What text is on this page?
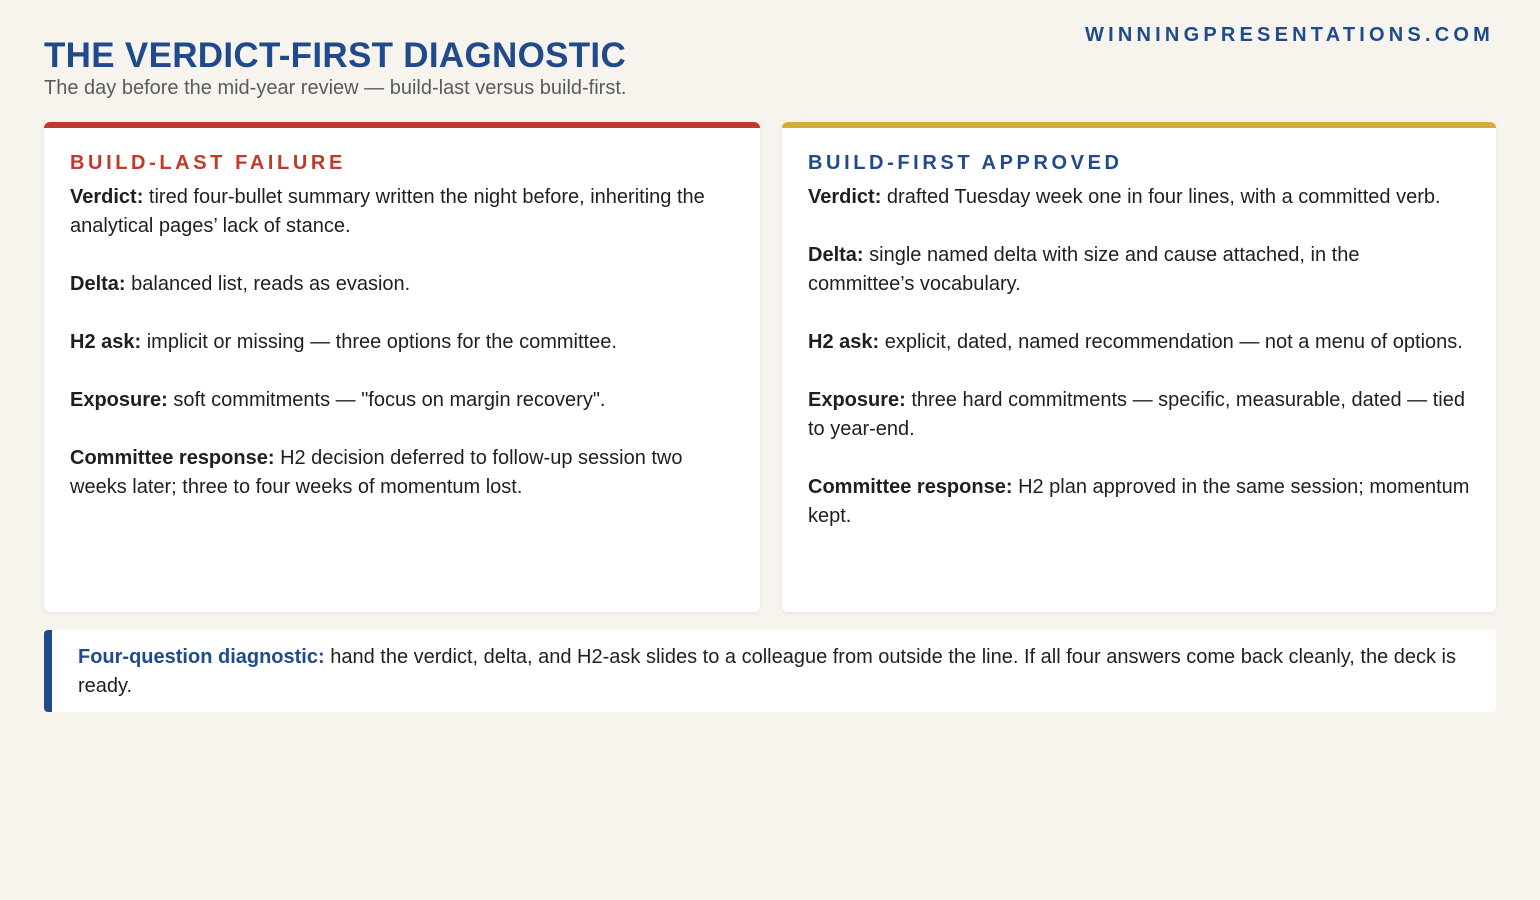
WINNINGPRESENTATIONS.COM
THE VERDICT-FIRST DIAGNOSTIC
The day before the mid-year review — build-last versus build-first.
BUILD-LAST FAILURE
Verdict: tired four-bullet summary written the night before, inheriting the analytical pages’ lack of stance.
Delta: balanced list, reads as evasion.
H2 ask: implicit or missing — three options for the committee.
Exposure: soft commitments — "focus on margin recovery".
Committee response: H2 decision deferred to follow-up session two weeks later; three to four weeks of momentum lost.
BUILD-FIRST APPROVED
Verdict: drafted Tuesday week one in four lines, with a committed verb.
Delta: single named delta with size and cause attached, in the committee’s vocabulary.
H2 ask: explicit, dated, named recommendation — not a menu of options.
Exposure: three hard commitments — specific, measurable, dated — tied to year-end.
Committee response: H2 plan approved in the same session; momentum kept.
Four-question diagnostic: hand the verdict, delta, and H2-ask slides to a colleague from outside the line. If all four answers come back cleanly, the deck is ready.
